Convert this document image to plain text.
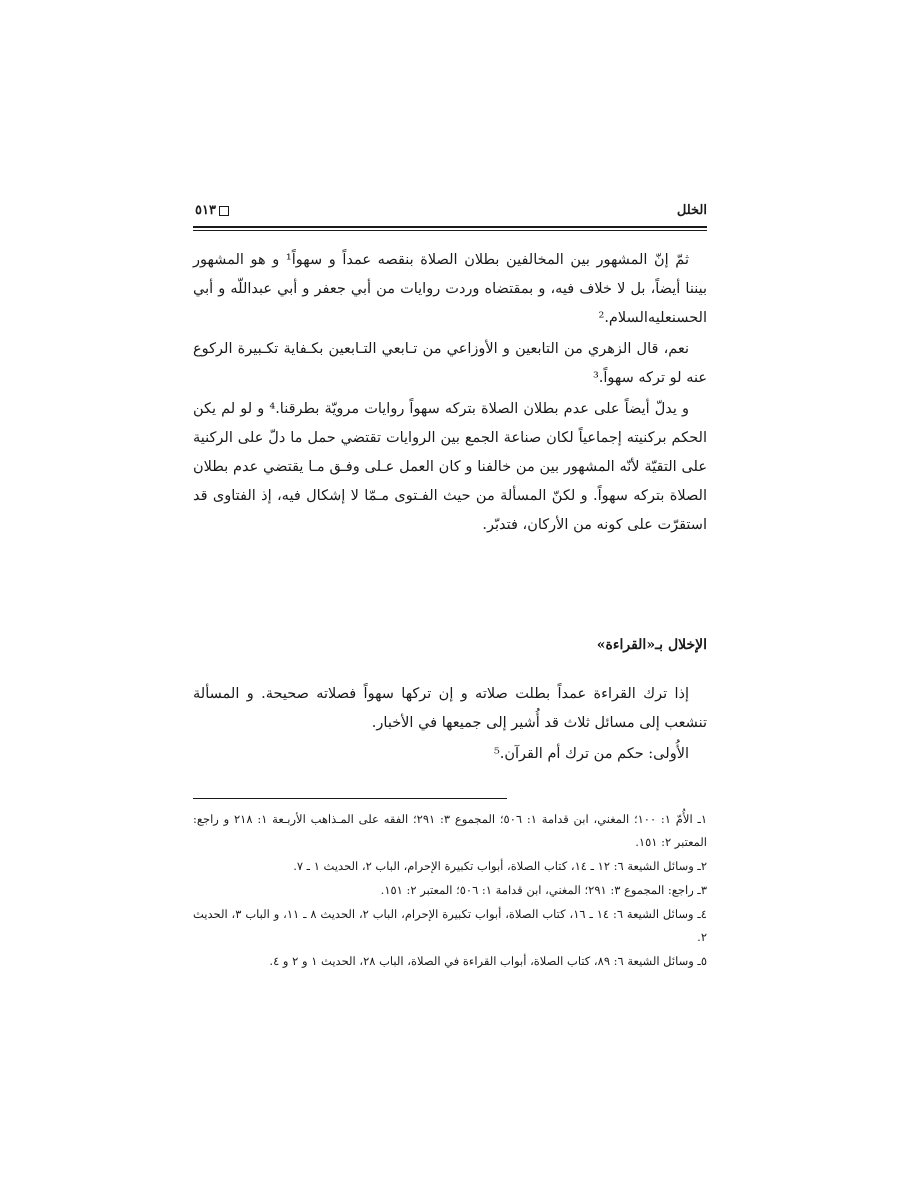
الخلل
٥١٣

ثمّ إنّ المشهور بين المخالفين بطلان الصلاة بنقصه عمداً و سهواً¹ و هو المشهور بيننا أيضاً، بل لا خلاف فيه، و بمقتضاه وردت روايات من أبي جعفر و أبي عبداللّه و أبي الحسنعليه‌السلام.²

نعم، قال الزهري من التابعين و الأوزاعي من تـابعي التـابعين بكـفاية تكـبيرة الركوع عنه لو تركه سهواً.³

و يدلّ أيضاً على عدم بطلان الصلاة بتركه سهواً روايات مرويّة بطرقنا.⁴ و لو لم يكن الحكم بركنيته إجماعياً لكان صناعة الجمع بين الروايات تقتضي حمل ما دلّ على الركنية على التقيّة لأنّه المشهور بين من خالفنا و كان العمل عـلى وفـق مـا يقتضي عدم بطلان الصلاة بتركه سهواً. و لكنّ المسألة من حيث الفـتوى مـمّا لا إشكال فيه، إذ الفتاوى قد استقرّت على كونه من الأركان، فتدبّر.

الإخلال بـ«القراءة»

إذا ترك القراءة عمداً بطلت صلاته و إن تركها سهواً فصلاته صحيحة. و المسألة تنشعب إلى مسائل ثلاث قد أُشير إلى جميعها في الأخبار.

الأُولى: حكم من ترك أم القرآن.⁵

١ـ الأُمّ ١: ١٠٠؛ المغني، ابن قدامة ١: ٥٠٦؛ المجموع ٣: ٢٩١؛ الفقه على المـذاهب الأربـعة ١: ٢١٨ و راجع: المعتبر ٢: ١٥١.

٢ـ وسائل الشيعة ٦: ١٢ ـ ١٤، كتاب الصلاة، أبواب تكبيرة الإحرام، الباب ٢، الحديث ١ ـ ٧.

٣ـ راجع: المجموع ٣: ٢٩١؛ المغني، ابن قدامة ١: ٥٠٦؛ المعتبر ٢: ١٥١.

٤ـ وسائل الشيعة ٦: ١٤ ـ ١٦، كتاب الصلاة، أبواب تكبيرة الإحرام، الباب ٢، الحديث ٨ ـ ١١، و الباب ٣، الحديث ٢.

٥ـ وسائل الشيعة ٦: ٨٩، كتاب الصلاة، أبواب القراءة في الصلاة، الباب ٢٨، الحديث ١ و ٢ و ٤.
